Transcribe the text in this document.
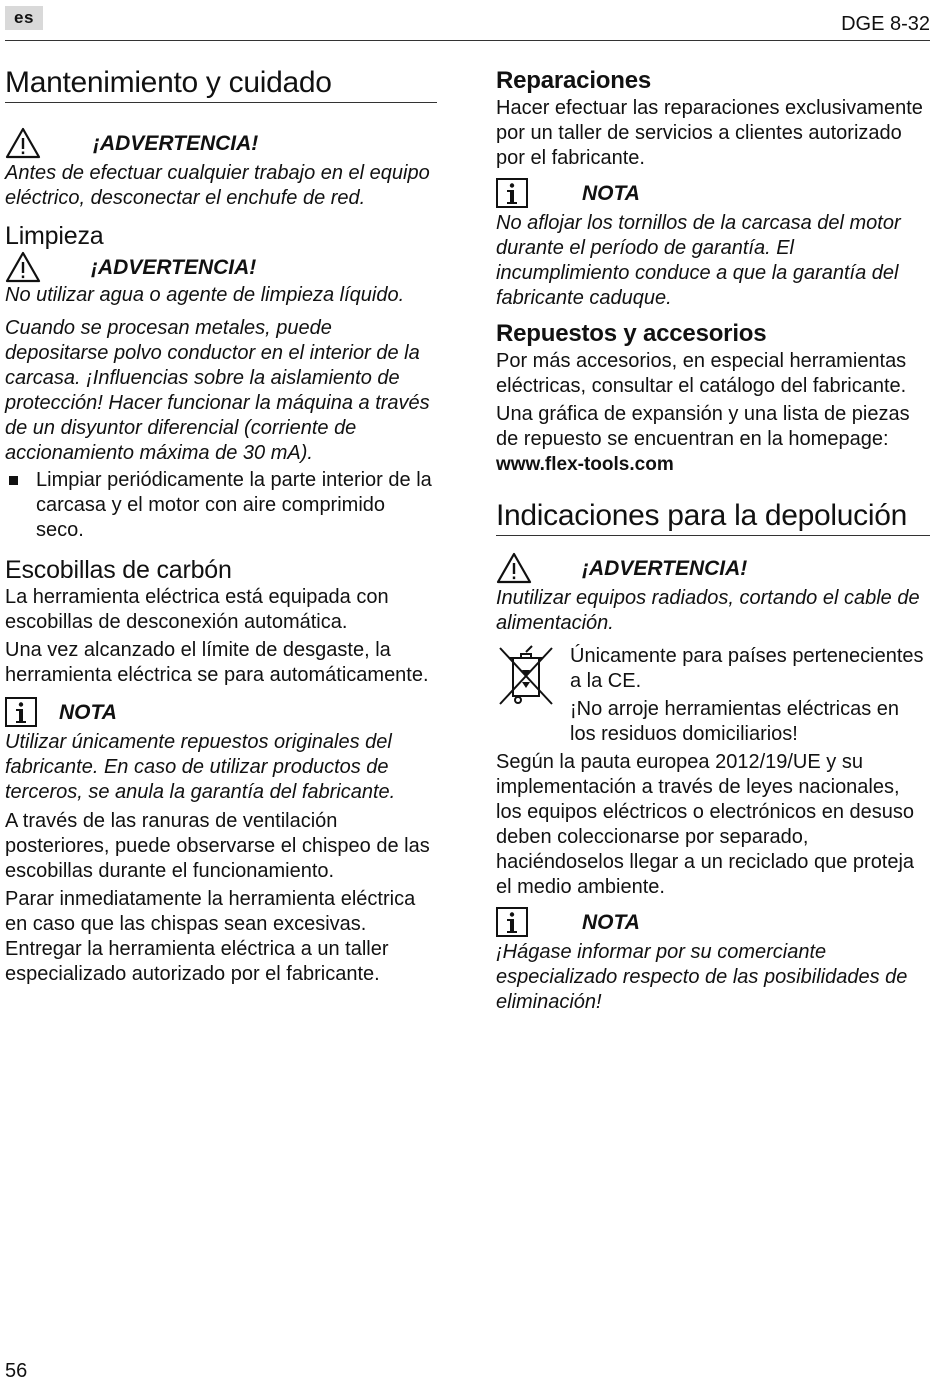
es	DGE 8-32
Mantenimiento y cuidado
¡ADVERTENCIA!

Antes de efectuar cualquier trabajo en el equipo eléctrico, desconectar el enchufe de red.

Limpieza
¡ADVERTENCIA!

No utilizar agua o agente de limpieza líquido.

Cuando se procesan metales, puede depositarse polvo conductor en el interior de la carcasa. ¡Influencias sobre la aislamiento de protección! Hacer funcionar la máquina a través de un disyuntor diferencial (corriente de accionamiento máxima de 30 mA).

Limpiar periódicamente la parte interior de la carcasa y el motor con aire comprimido seco.
Escobillas de carbón

La herramienta eléctrica está equipada con escobillas de desconexión automática.

Una vez alcanzado el límite de desgaste, la herramienta eléctrica se para automáticamente.

NOTA

Utilizar únicamente repuestos originales del fabricante. En caso de utilizar productos de terceros, se anula la garantía del fabricante.

A través de las ranuras de ventilación posteriores, puede observarse el chispeo de las escobillas durante el funcionamiento.

Parar inmediatamente la herramienta eléctrica en caso que las chispas sean excesivas. Entregar la herramienta eléctrica a un taller especializado autorizado por el fabricante.

Reparaciones

Hacer efectuar las reparaciones exclusivamente por un taller de servicios a clientes autorizado por el fabricante.

NOTA

No aflojar los tornillos de la carcasa del motor durante el período de garantía. El incumplimiento conduce a que la garantía del fabricante caduque.

Repuestos y accesorios

Por más accesorios, en especial herramientas eléctricas, consultar el catálogo del fabricante.

Una gráfica de expansión y una lista de piezas de repuesto se encuentran en la homepage: www.flex-tools.com

Indicaciones para la depolución
¡ADVERTENCIA!

Inutilizar equipos radiados, cortando el cable de alimentación.

Únicamente para países pertenecientes a la CE.

¡No arroje herramientas eléctricas en los residuos domiciliarios!

Según la pauta europea 2012/19/UE y su implementación a través de leyes nacionales, los equipos eléctricos o electrónicos en desuso deben coleccionarse por separado, haciéndoselos llegar a un reciclado que proteja el medio ambiente.

NOTA

¡Hágase informar por su comerciante especializado respecto de las posibilidades de eliminación!

56
